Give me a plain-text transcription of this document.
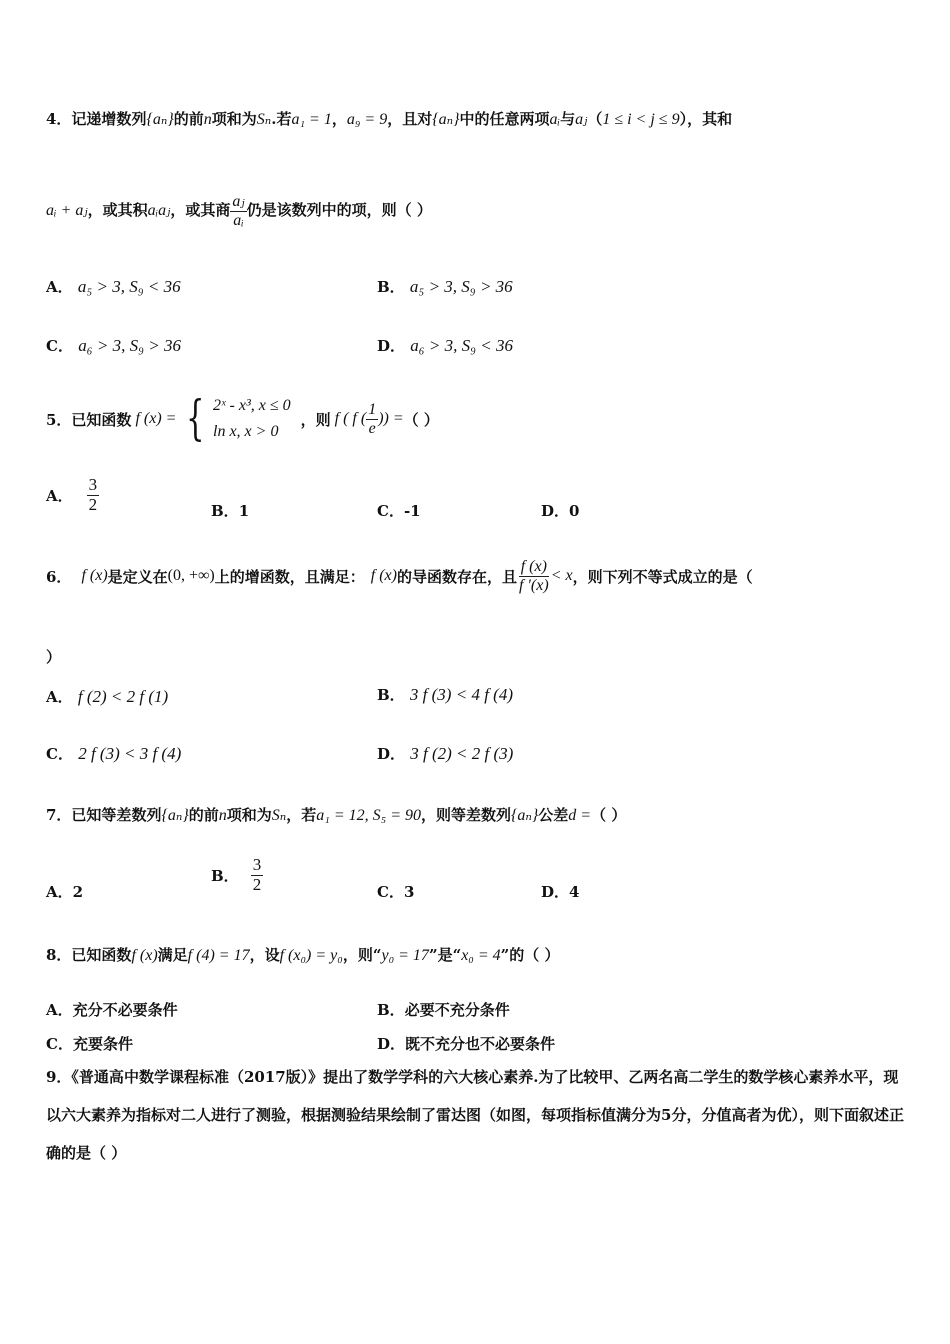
4．记递增数列{aₙ}的前n项和为Sₙ.若a₁ = 1，a₉ = 9，且对{aₙ}中的任意两项aᵢ与aⱼ（1 ≤ i < j ≤ 9），其和
aᵢ + aⱼ，或其积aᵢaⱼ，或其商 $\frac{\text{aⱼ}}{\text{aᵢ}}$ 仍是该数列中的项，则（ ）
A． a₅ > 3, S₉ < 36	B． a₅ > 3, S₉ > 36
C． a₆ > 3, S₉ > 36	D． a₆ > 3, S₉ < 36
5．已知函数 f (x) = { 2ˣ - x³, x ≤ 0
ln x, x > 0
，则 f ( f ( $\frac{1}{e}$ )) = （ ）
A． $\frac{3}{2}$	B．1	C．-1	D．0
6． f (x) 是定义在 (0, +∞) 上的增函数，且满足： f (x) 的导函数存在，且 $\frac{f (x)}{f '(x)} < x$ ，则下列不等式成立的是（
）
A． f (2) < 2 f (1)	B． 3 f (3) < 4 f (4)
C． 2 f (3) < 3 f (4)	D． 3 f (2) < 2 f (3)
7．已知等差数列{aₙ}的前n项和为Sₙ，若a₁ = 12, S₅ = 90，则等差数列{aₙ}公差d =（ ）
A．2
B． $\frac{3}{2}$	C．3	D．4
8．已知函数f (x)满足f (4) = 17，设f (x₀) = y₀，则“y₀ = 17”是“x₀ = 4”的（ ）
A．充分不必要条件	B．必要不充分条件
C．充要条件	D．既不充分也不必要条件
9．《普通高中数学课程标准（2017版）》提出了数学学科的六大核心素养.为了比较甲、乙两名高二学生的数学核心素养水平，现以六大素养为指标对二人进行了测验，根据测验结果绘制了雷达图（如图，每项指标值满分为5分，分值高者为优），则下面叙述正确的是（ ）
